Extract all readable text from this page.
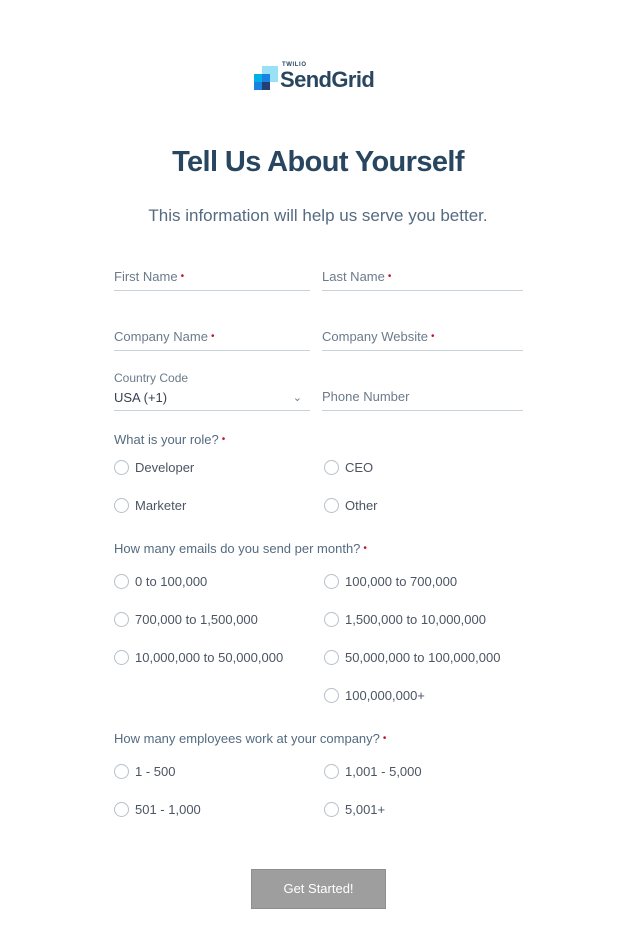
TWILIO
SendGrid
Tell Us About Yourself

This information will help us serve you better.

First Name •	Last Name •
Company Name •	Company Website •
Country Code
USA (+1)	⌄ Phone Number
What is your role? •
Developer	CEO
Marketer	Other
How many emails do you send per month? •
0 to 100,000	100,000 to 700,000
700,000 to 1,500,000	1,500,000 to 10,000,000
10,000,000 to 50,000,000	50,000,000 to 100,000,000
100,000,000+
How many employees work at your company? •
1 - 500	1,001 - 5,000
501 - 1,000	5,001+
Get Started!
